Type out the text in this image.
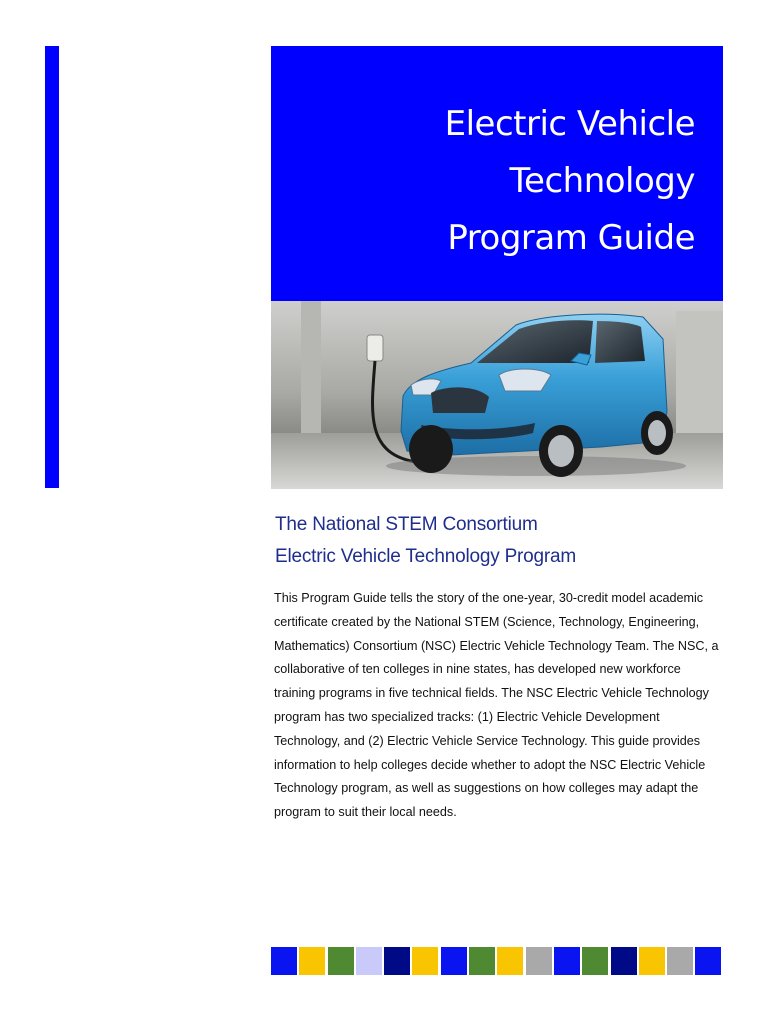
Electric Vehicle
Technology
Program Guide
The National STEM Consortium
Electric Vehicle Technology Program

This Program Guide tells the story of the one-year, 30-credit model academic certificate created by the National STEM (Science, Technology, Engineering, Mathematics) Consortium (NSC) Electric Vehicle Technology Team. The NSC, a collaborative of ten colleges in nine states, has developed new workforce training programs in five technical fields. The NSC Electric Vehicle Technology program has two specialized tracks: (1) Electric Vehicle Development Technology, and (2) Electric Vehicle Service Technology. This guide provides information to help colleges decide whether to adopt the NSC Electric Vehicle Technology program, as well as suggestions on how colleges may adapt the program to suit their local needs.
